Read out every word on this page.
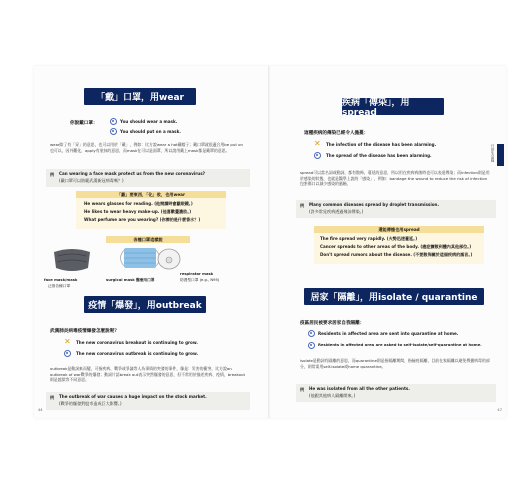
「戴」口罩，用wear
你說戴口罩：	You should wear a mask.
You should put on a mask.
wear除了有「穿」的意思，也可以用於「戴」，例如：比方說wear a hat戴帽子；戴口罩就很適合用be put on也可以，因外觀化，apply有塗抹的意思，而mask在可以是面罩，所以說用戴上mask都是戴罩的意思。
例 Can wearing a face mask protect us from the new coronavirus?
(戴口罩可以防範武漢新冠病毒嗎？)
「戴」要東西，「化」妝，也用wear
He wears glasses for reading. (他閱讀時會戴眼鏡。)
He likes to wear heavy make-up. (他喜歡畫濃妝。)
What perfume are you wearing? (你擦的是什麼香水？)
各種口罩這樣說
face mask/mask
泛指各種口罩
surgical mask 醫療用口罩
respirator mask
防護型口罩 (e.g., N95)
疫情「爆發」，用outbreak
武漢肺炎病毒疫情爆發怎麼說呢？
✕ The new coronavirus breakout is continuing to grow.
The new coronavirus outbreak is continuing to grow.
outbreak是動詞來而變，可指疾病、戰爭或爭議等人為事情的突發的事件，像是：災害的衝突、比方說an outbreak of war戰爭的爆發；動詞片語break out表示突然爆發的意思，但不常用於描述疾病、疫情，breakout則是越獄等不同意思。
例 The outbreak of war causes a huge impact on the stock market.
(戰爭的爆發對股市造成巨大影響。)
44
疾病「傳染」，用spread
這種疾病的傳染已經令人擔憂：
✕ The infection of the disease has been alarming.
The spread of the disease has been alarming.
spread可以當名詞或動詞，都有散佈、蔓延的意思，所以用在疾病病菌時也可以表達傳染；而infection則是用於感染的狀態，也就是醫學上說的「感染」，例如：bandage the wound to reduce the risk of infection包紮傷口以減少感染的風險。
例 Many common diseases spread by droplet transmission.
(許多常見疾病透過飛沫傳染。)
還能傳播也用spread
The fire spread very rapidly. (火勢迅速蔓延。)
Cancer spreads to other areas of the body. (癌症擴散到體內其他部位。)
Don't spread rumors about the disease. (不要散佈關於這個疾病的謠言。)
居家「隔離」，用isolate / quarantine
疫區居民被要求居家自我隔離：
Residents in affected area are sent into quarantine at home.
Residents in affected area are asked to self-isolate/self-quarantine at home.
isolate是動詞有隔離的意思，而quarantine則是指隔離期間，指檢疫隔離，目前在家隔離以避免傳播病毒的部分，則常需用self-isolate或home quarantine。
例 He was isolated from all the other patients.
(他跟其他病人隔離開來。)
日常生活篇
47
